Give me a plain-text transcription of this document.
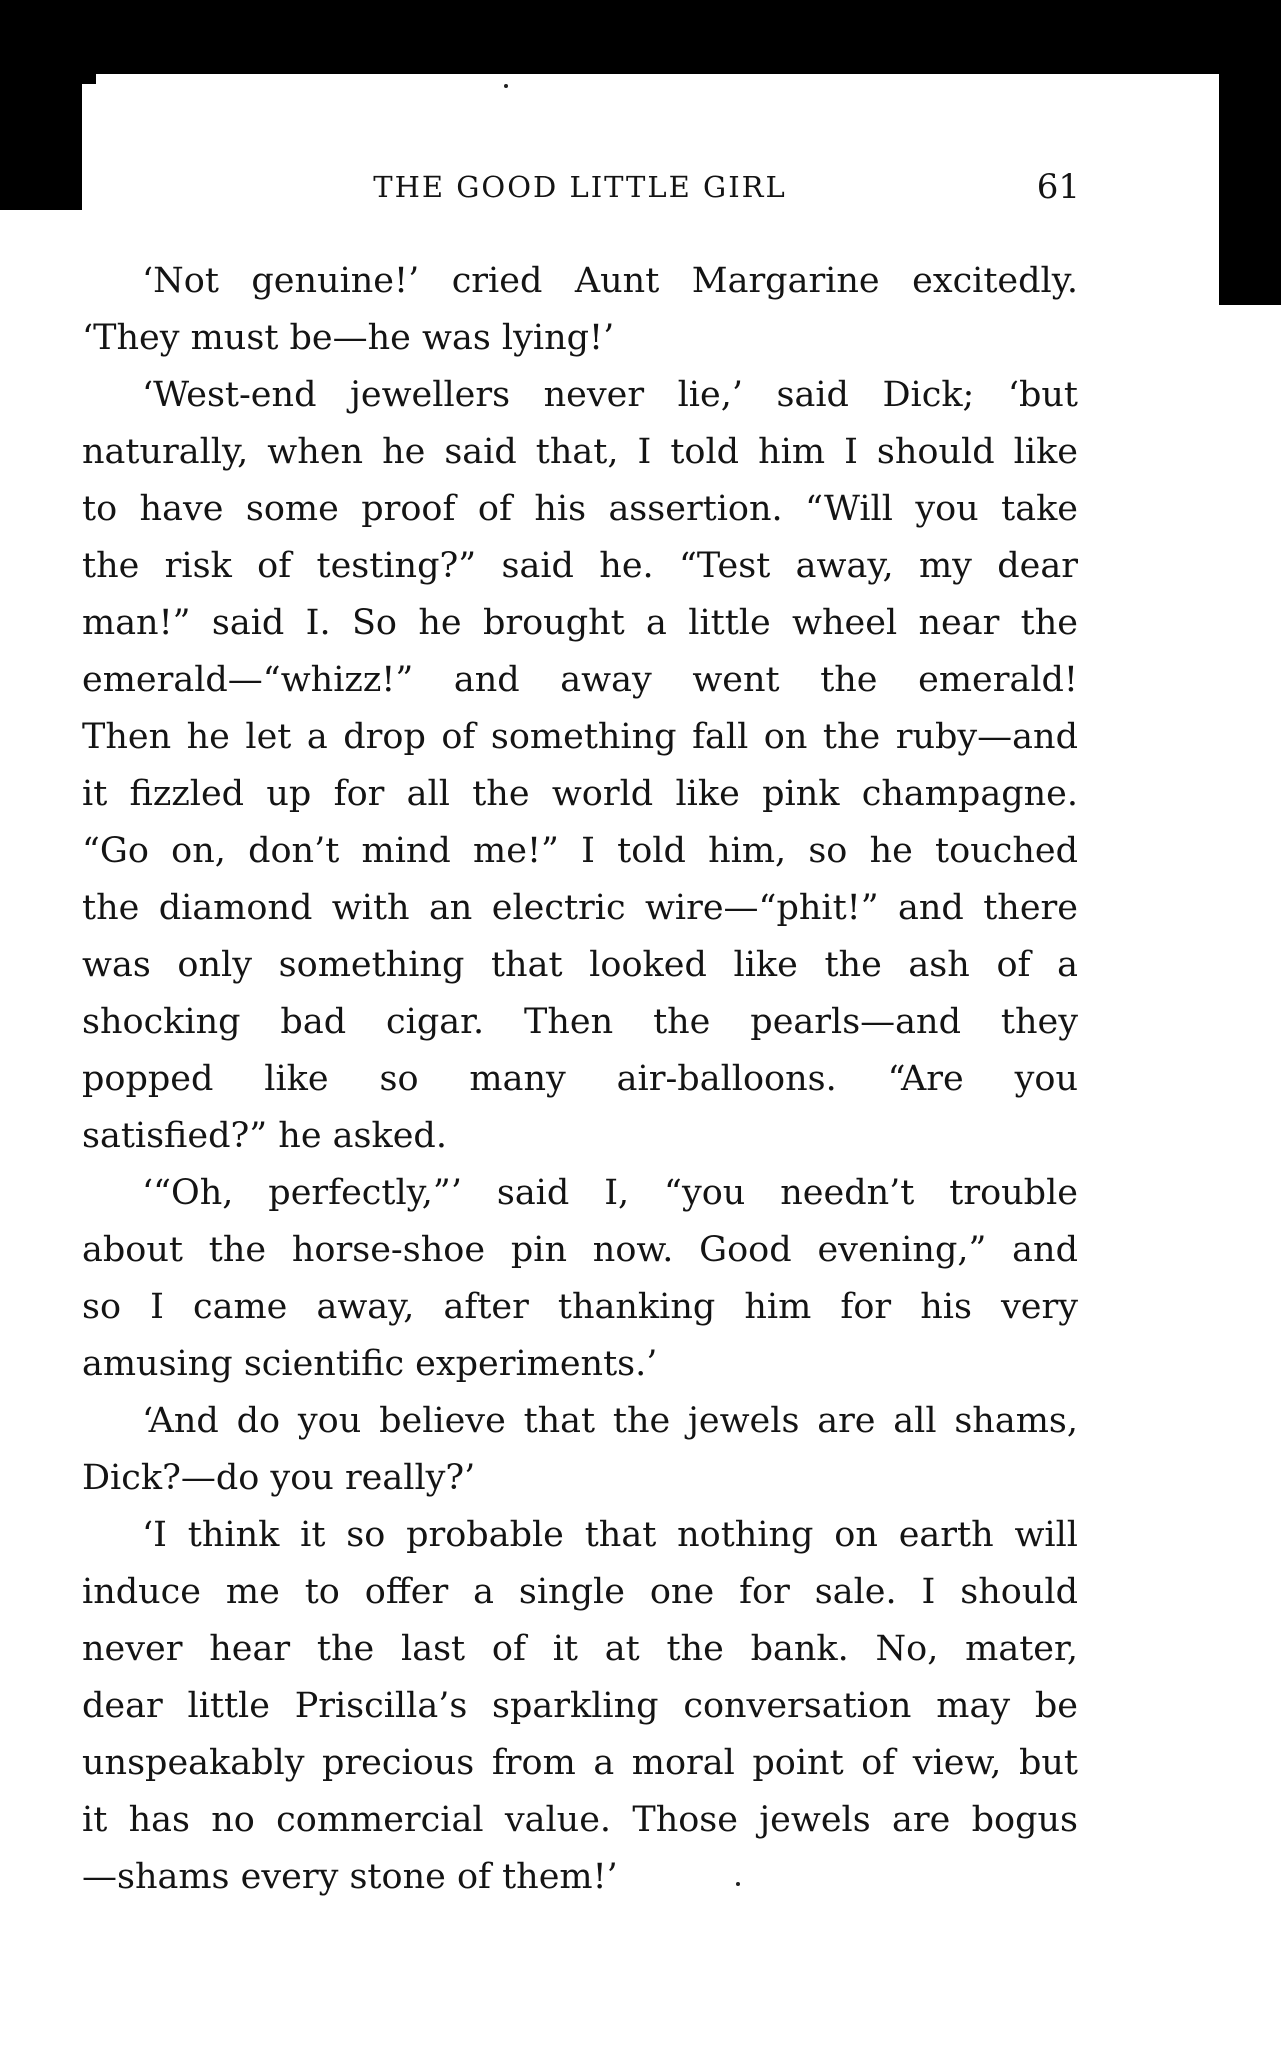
THE GOOD LITTLE GIRL	61
‘Not genuine!’ cried Aunt Margarine excitedly.
‘They must be—he was lying!’
‘West-end jewellers never lie,’ said Dick; ‘but
naturally, when he said that, I told him I should like
to have some proof of his assertion. “Will you take
the risk of testing?” said he. “Test away, my dear
man!” said I. So he brought a little wheel near the
emerald—“whizz!” and away went the emerald!
Then he let a drop of something fall on the ruby—and
it fizzled up for all the world like pink champagne.
“Go on, don’t mind me!” I told him, so he touched
the diamond with an electric wire—“phit!” and there
was only something that looked like the ash of a
shocking bad cigar. Then the pearls—and they
popped like so many air-balloons. “Are you
satisfied?” he asked.
‘“Oh, perfectly,”’ said I, “you needn’t trouble
about the horse-shoe pin now. Good evening,” and
so I came away, after thanking him for his very
amusing scientific experiments.’
‘And do you believe that the jewels are all shams,
Dick?—do you really?’
‘I think it so probable that nothing on earth will
induce me to offer a single one for sale. I should
never hear the last of it at the bank. No, mater,
dear little Priscilla’s sparkling conversation may be
unspeakably precious from a moral point of view, but
it has no commercial value. Those jewels are bogus
—shams every stone of them!’
